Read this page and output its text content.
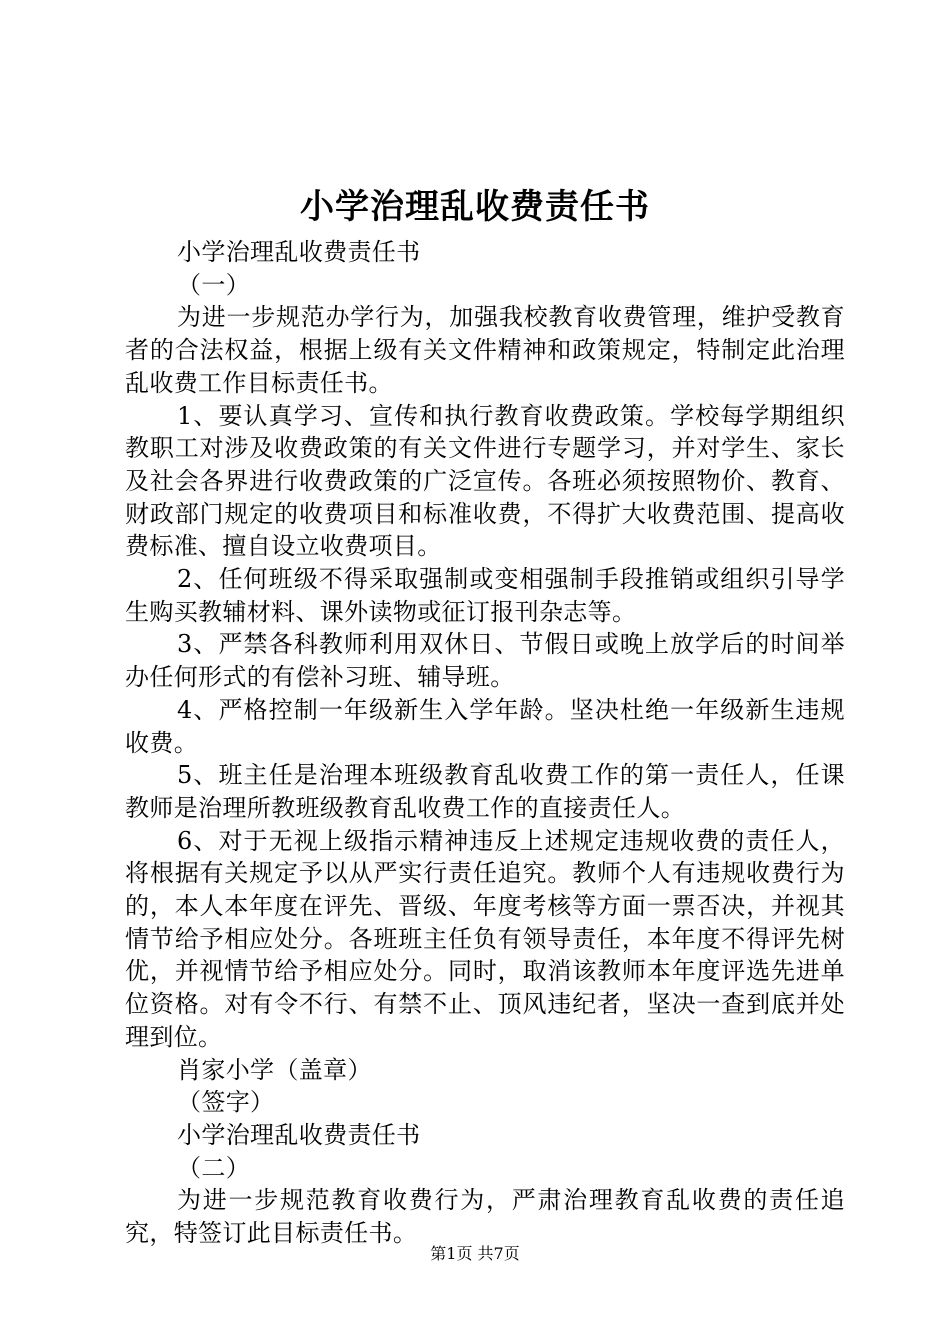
小学治理乱收费责任书

小学治理乱收费责任书

（一）

为进一步规范办学行为，加强我校教育收费管理，维护受教育者的合法权益，根据上级有关文件精神和政策规定，特制定此治理乱收费工作目标责任书。

1、要认真学习、宣传和执行教育收费政策。学校每学期组织教职工对涉及收费政策的有关文件进行专题学习，并对学生、家长及社会各界进行收费政策的广泛宣传。各班必须按照物价、教育、财政部门规定的收费项目和标准收费，不得扩大收费范围、提高收费标准、擅自设立收费项目。

2、任何班级不得采取强制或变相强制手段推销或组织引导学生购买教辅材料、课外读物或征订报刊杂志等。

3、严禁各科教师利用双休日、节假日或晚上放学后的时间举办任何形式的有偿补习班、辅导班。

4、严格控制一年级新生入学年龄。坚决杜绝一年级新生违规收费。

5、班主任是治理本班级教育乱收费工作的第一责任人，任课教师是治理所教班级教育乱收费工作的直接责任人。

6、对于无视上级指示精神违反上述规定违规收费的责任人，将根据有关规定予以从严实行责任追究。教师个人有违规收费行为的，本人本年度在评先、晋级、年度考核等方面一票否决，并视其情节给予相应处分。各班班主任负有领导责任，本年度不得评先树优，并视情节给予相应处分。同时，取消该教师本年度评选先进单位资格。对有令不行、有禁不止、顶风违纪者，坚决一查到底并处理到位。

肖家小学（盖章）

（签字）

小学治理乱收费责任书

（二）

为进一步规范教育收费行为，严肃治理教育乱收费的责任追究，特签订此目标责任书。

第1页 共7页
